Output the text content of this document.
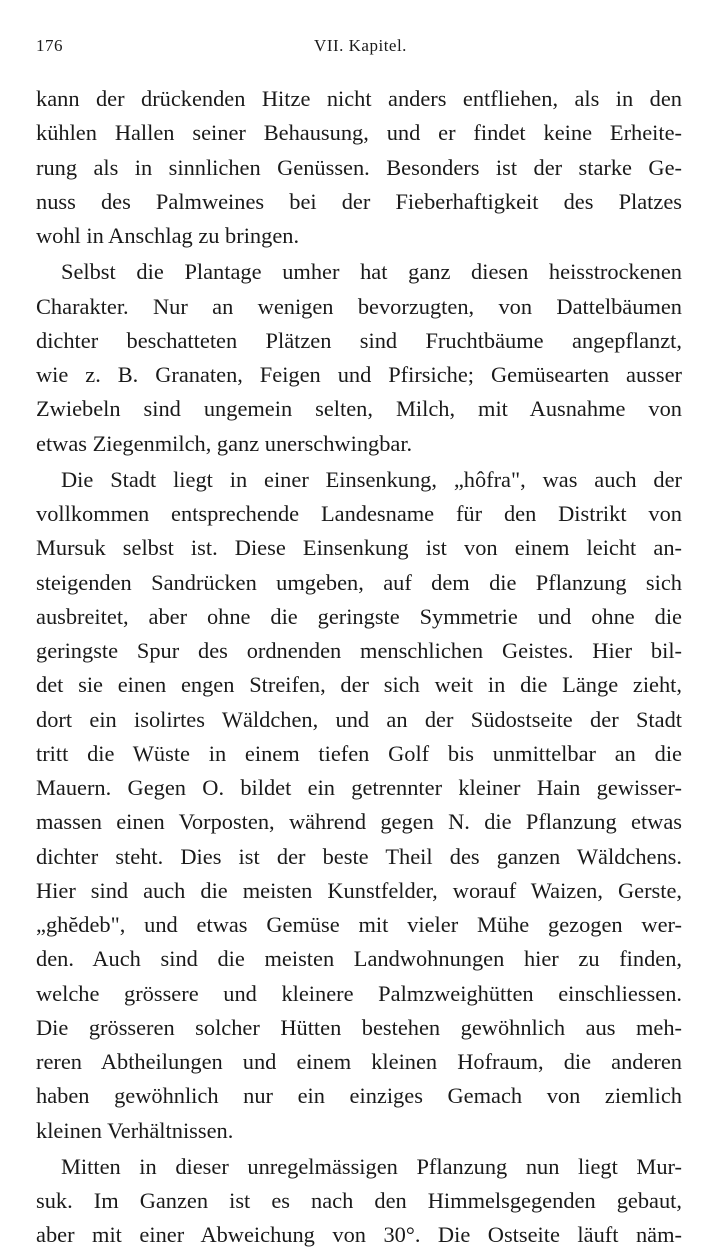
176	VII. Kapitel.
kann der drückenden Hitze nicht anders entfliehen, als in den
kühlen Hallen seiner Behausung, und er findet keine Erheite-
rung als in sinnlichen Genüssen. Besonders ist der starke Ge-
nuss des Palmweines bei der Fieberhaftigkeit des Platzes
wohl in Anschlag zu bringen.
Selbst die Plantage umher hat ganz diesen heisstrockenen
Charakter. Nur an wenigen bevorzugten, von Dattelbäumen
dichter beschatteten Plätzen sind Fruchtbäume angepflanzt,
wie z. B. Granaten, Feigen und Pfirsiche; Gemüsearten ausser
Zwiebeln sind ungemein selten, Milch, mit Ausnahme von
etwas Ziegenmilch, ganz unerschwingbar.
Die Stadt liegt in einer Einsenkung, „hôfra", was auch der
vollkommen entsprechende Landesname für den Distrikt von
Mursuk selbst ist. Diese Einsenkung ist von einem leicht an-
steigenden Sandrücken umgeben, auf dem die Pflanzung sich
ausbreitet, aber ohne die geringste Symmetrie und ohne die
geringste Spur des ordnenden menschlichen Geistes. Hier bil-
det sie einen engen Streifen, der sich weit in die Länge zieht,
dort ein isolirtes Wäldchen, und an der Südostseite der Stadt
tritt die Wüste in einem tiefen Golf bis unmittelbar an die
Mauern. Gegen O. bildet ein getrennter kleiner Hain gewisser-
massen einen Vorposten, während gegen N. die Pflanzung etwas
dichter steht. Dies ist der beste Theil des ganzen Wäldchens.
Hier sind auch die meisten Kunstfelder, worauf Waizen, Gerste,
„ghĕdeb", und etwas Gemüse mit vieler Mühe gezogen wer-
den. Auch sind die meisten Landwohnungen hier zu finden,
welche grössere und kleinere Palmzweighütten einschliessen.
Die grösseren solcher Hütten bestehen gewöhnlich aus meh-
reren Abtheilungen und einem kleinen Hofraum, die anderen
haben gewöhnlich nur ein einziges Gemach von ziemlich
kleinen Verhältnissen.
Mitten in dieser unregelmässigen Pflanzung nun liegt Mur-
suk. Im Ganzen ist es nach den Himmelsgegenden gebaut,
aber mit einer Abweichung von 30°. Die Ostseite läuft näm-
